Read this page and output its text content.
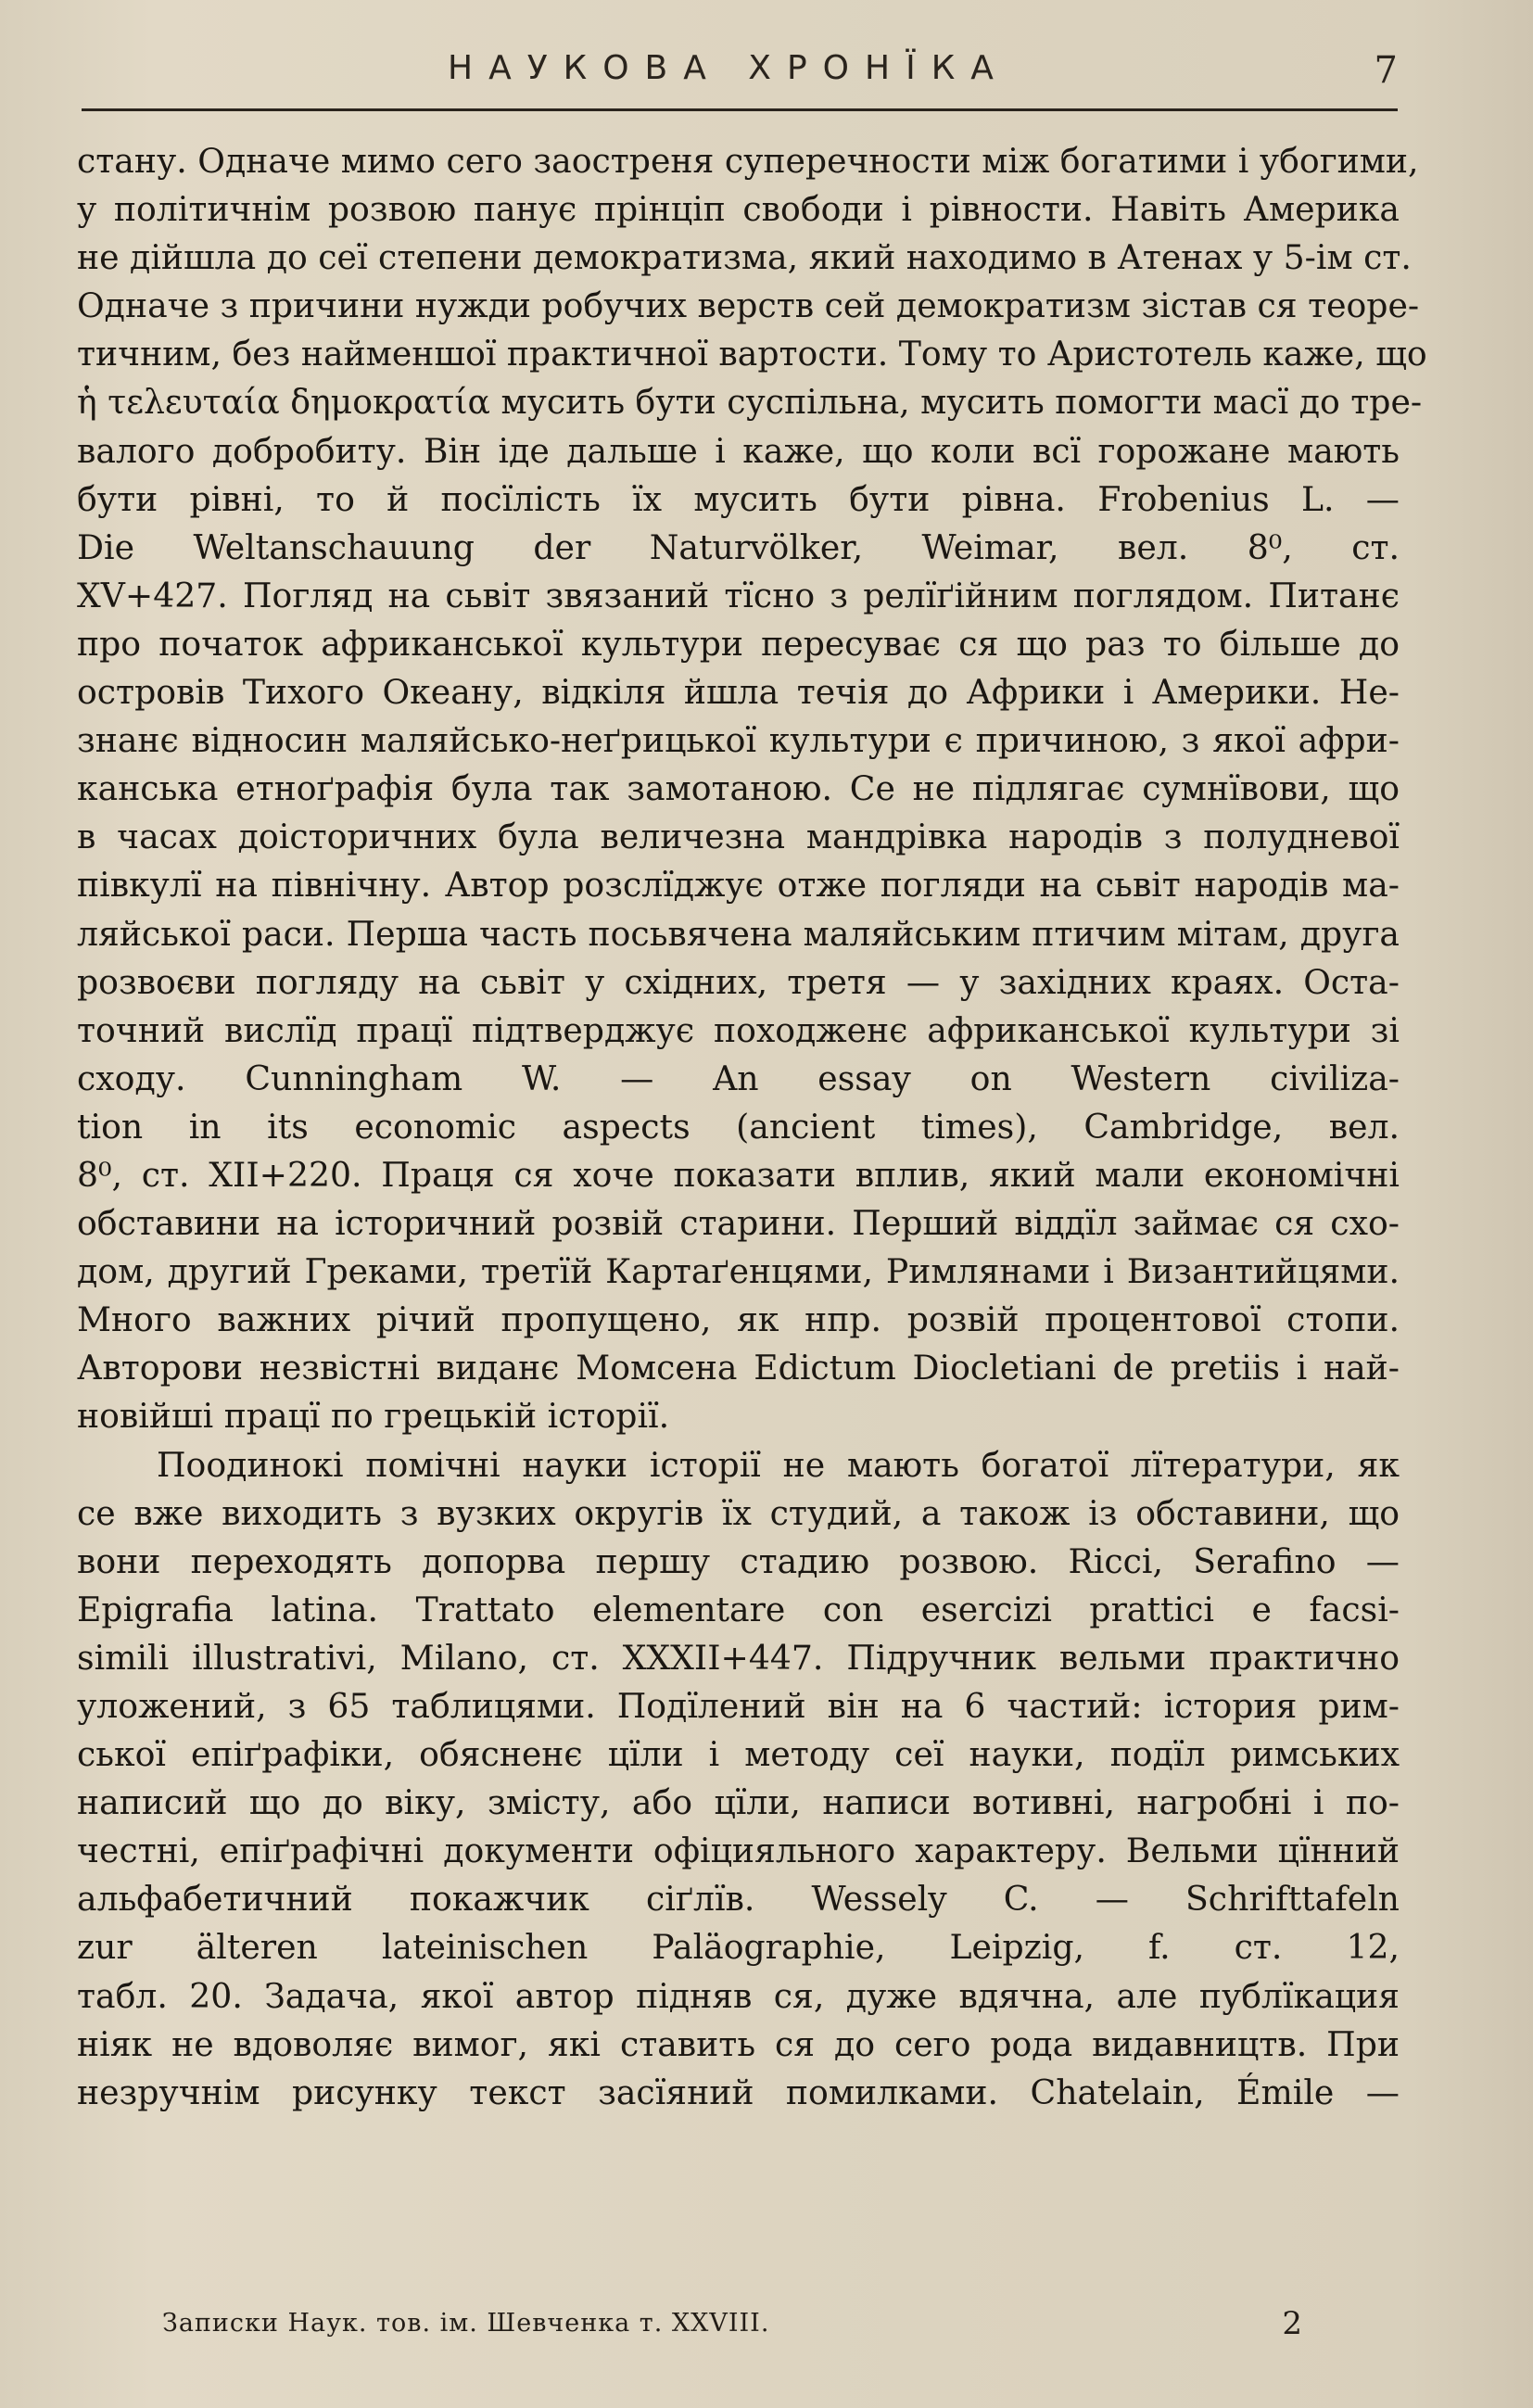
НАУКОВА ХРОНЇКА	7
стану. Одначе мимо сего заостреня суперечности між богатими і убогими,
у політичнім розвою панує прінціп свободи і рівности. Навіть Америка
не дійшла до сеї степени демократизма, який находимо в Атенах у 5-ім ст.
Одначе з причини нужди робучих верств сей демократизм зістав ся теоре-
тичним, без найменшої практичної вартости. Тому то Аристотель каже, що
ἡ τελευταία δημοκρατία мусить бути суспільна, мусить помогти масї до тре-
валого добробиту. Він іде дальше і каже, що коли всї горожане мають
бути рівні, то й посїлість їх мусить бути рівна. Frobenius L. —
Die Weltanschauung der Naturvölker, Weimar, вел. 8⁰, ст.
XV+427. Погляд на сьвіт звязаний тїсно з релїґійним поглядом. Питанє
про початок африканської культури пересуває ся що раз то більше до
островів Тихого Океану, відкіля йшла течія до Африки і Америки. Не-
знанє відносин маляйсько-неґрицької культури є причиною, з якої афри-
канська етноґрафія була так замотаною. Се не підлягає сумнївови, що
в часах доісторичних була величезна мандрівка народів з полудневої
півкулї на північну. Автор розслїджує отже погляди на сьвіт народів ма-
ляйської раси. Перша часть посьвячена маляйським птичим мітам, друга
розвоєви погляду на сьвіт у східних, третя — у західних краях. Оста-
точний вислїд працї підтверджує походженє африканської культури зі
сходу. Cunningham W. — An essay on Western civiliza-
tion in its economic aspects (ancient times), Cambridge, вел.
8⁰, ст. XII+220. Праця ся хоче показати вплив, який мали економічні
обставини на історичний розвій старини. Перший віддїл займає ся схо-
дом, другий Греками, третїй Картаґенцями, Римлянами і Византийцями.
Много важних річий пропущено, як нпр. розвій процентової стопи.
Авторови незвістні виданє Момсена Edictum Diocletiani de pretiis і най-
новійші працї по грецькій історії.
Поодинокі помічні науки історії не мають богатої лїтератури, як
се вже виходить з вузких округів їх студий, а також із обставини, що
вони переходять допорва першу стадию розвою. Ricci, Serafino —
Epigrafia latina. Trattato elementare con esercizi prattici e facsi-
simili illustrativi, Milano, ст. XXXII+447. Підручник вельми практично
уложений, з 65 таблицями. Подїлений він на 6 частий: істория рим-
ської епіґрафіки, обясненє цїли і методу сеї науки, подїл римських
написий що до віку, змісту, або цїли, написи вотивні, нагробні і по-
честні, епіґрафічні документи офіцияльного характеру. Вельми цїнний
альфабетичний покажчик сіґлїв. Wessely C. — Schrifttafeln
zur älteren lateinischen Paläographie, Leipzig, f. ст. 12,
табл. 20. Задача, якої автор підняв ся, дуже вдячна, але публїкация
ніяк не вдоволяє вимог, які ставить ся до сего рода видавництв. При
незручнім рисунку текст засїяний помилками. Chatelain, Émile —
Записки Наук. тов. ім. Шевченка т. XXVIII.	2
